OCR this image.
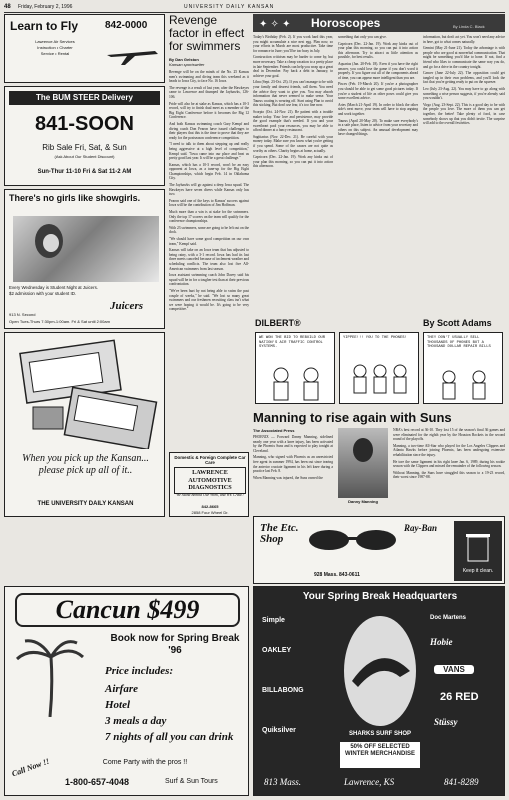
48 Friday, February 2, 1996	UNIVERSITY DAILY KANSAN
Learn to Fly	842-0000
Lawrence Air Services
Instruction • Charter
Service • Rental
The BUM STEER Delivery
841-SOON
Rib Sale Fri, Sat, & Sun
(Ask About Our Student Discount)
Sun-Thur 11-10 Fri & Sat 11-2 AM
There's no girls like showgirls.
Every Wednesday is Student Night at Juicers.
$2 admission with your student ID.
Juicers
913 N. Second
Open Tues-Thurs 7:30pm-1:00am. Fri & Sat until 2:00am
When you pick up the Kansan... please pick up all of it..
THE UNIVERSITY DAILY KANSAN
Revenge factor in effect for swimmers
By Dan Gelston
Kansan sportswriter

Revenge will be on the minds of the No. 25 Kansas men's swimming and diving team this weekend as it heads to Iowa City, to face No. 16 Iowa.

The revenge is a result of last year, after the Hawkeyes came to Lawrence and thumped the Jayhawks, 126-106.

Pride will also be at stake as Kansas, which has a 10-3 record, will try to finish dual meet as a member of the Big Eight Conference before it becomes the Big 12 Conference.

And both Kansas swimming coach Gary Kempf and diving coach Don Fearon have issued challenges to their players that this is the time to prove that they are ready for the postseason conference competition.

"I need to talk to them about stepping up and really being aggressive at a high level of competition," Kempf said. "Iowa came into our place and beat us pretty good last year. It will be a great challenge."

Kansas, which has a 10-3 record, won't be an easy opponent at Iowa, as a tune-up for the Big Eight Championships, which begin Feb. 14 in Oklahoma City.

The Jayhawks will go against a deep Iowa squad. The Hawkeyes have seven divers while Kansas only has two.

Fearon said one of the keys to Kansas' success against Iowa will be the contribution of Jim Hoffman.

Much more than a win is at stake for the swimmers. Only the top 17 scorers on the team will qualify for the conference championships.

With 23 swimmers, some are going to be left out on the dock.

"We should have some good competition on our own team," Kempf said.

Kansas will take on an Iowa team that has adjusted to being rainy, with a 3-1 record. Iowa has had its last three meets canceled because of inclement weather and scheduling conflicts. The team also lost five All-American swimmers from last season.

Iowa assistant swimming coach John Davey said his squad will be in for a tougher test than at their previous confrontation.

"We've been hurt by not being able to swim the past couple of weeks," he said. "We lost so many great swimmers and our freshmen recruiting class isn't what we were hoping it would be. It's going to be very competitive."

Domestic & Foreign Complete Car Care
LAWRENCE AUTOMOTIVE DIAGNOSTICS
"We Stand Behind Our Work, and WE CARE!"
842-8665
2858 Four Wheel Dr.
✦ ✧ ✦ Horoscopes	By Linda C. Black

Today's Birthday (Feb. 2). If you work hard this year, you might accumulate a nice nest egg. Plan now, so your efforts in March are most productive. Take time for romance in June; you'll be too busy in July.

Construction criticism may be harder to come by, but more necessary. Take a cheap vacation to a pretty place in late September. Friends can help you wrap up a great deal in December. Pay back a debt in January, to achieve your goal.

Libra (Sept. 23-Oct. 23). If you can't manage to be with your family and dearest friends, call them. You need the advice they want to give you. You may absorb information that never seemed to make sense. Your Taurus coating is wearing off. Start using Plan to avoid this sticking. But don't use fear, it's too fine now.

Scorpio (Oct. 24-Nov. 21). Be patient with a trouble maker today. Your love and persistence, may provide the good example that's needed. If you and your sweetheart pool your resources, you may be able to afford dinner at a fancy restaurant.

Sagittarius (Nov. 22-Dec. 21). Be careful with your money today. Make sure you know what you're getting if you spend. Some of the causes are not quite as worthy as others. Charity begins at home, actually.

Capricorn (Dec. 22-Jan. 19). Work any kinks out of your plan this morning, so you can put it into action this afternoon.

something that only you can give.

Capricorn (Dec. 22-Jan. 19). Work any kinks out of your plan this morning, so you can put it into action this afternoon. Try to attract as little attention as possible, for best results.

Aquarius (Jan. 20-Feb. 18). Even if you have the right answer, you could lose the game if you don't word it properly. If you figure out all of the components ahead of time, you can appear more intelligent than you are.

Pisces (Feb. 19-March 20). If you're a photographer you should be able to get some good pictures today. If you're a student of life as other poses could give you some excellent advice.

Aries (March 21-April 19). In order to block the other side's next move, your team will have to stop arguing and work together.

Taurus (April 20-May 20). To make sure everybody's in a safe place, listen to advice from your secretary and others on this subject. An unusual development may have changed things.

information, but don't act yet. You won't need any advice in here, got to what comes naturally.

Gemini (May 21-June 21). Today the advantage is with people who are good at nonverbal communication. That might be something you'd like to hone. If not, find a friend who likes to communicate the same way you do, and go for a drive in the country tonight.

Cancer (June 22-July 22). The opposition could get tangled up in their own problems, and you'll look the fact that you're getting ready to put on the squeeze.

Leo (July 23-Aug. 22). You may have to go along with something a wise person suggests, if you're already said you wouldn't.

Virgo (Aug. 23-Sept. 22). This is a good day to be with the people you love. The more of them you can get together, the better! Take plenty of food, in case somebody shows up that you didn't invite. The surprise will add to the overall festivities.

DILBERT®	By Scott Adams
WE WON THE BID TO REBUILD OUR NATION'S AIR TRAFFIC CONTROL SYSTEMS.
YIPPEE!!! YOU TO THE PHONES!	THEY DON'T USUALLY SELL THOUSANDS OF PHONES BUT A THOUSAND DOLLAR REPAIR BILLS
Manning to rise again with Suns
The Associated Press

PHOENIX — Forward Danny Manning, sidelined nearly one year with a knee injury, has been activated by the Phoenix Suns and is expected to play tonight at Cleveland.

Manning, who signed with Phoenix as an unrestricted free agent in summer 1994, has been out since tearing the anterior cruciate ligament in his left knee during a practice last Feb. 8.

When Manning was injured, the Suns owned the

Danny Manning

NBA's best record at 36-10. They lost 15 of the season's final 36 games and were eliminated for the eighth year by the Houston Rockets in the second round of the playoffs.

Manning, a two-time All-Star who played for the Los Angeles Clippers and Atlanta Hawks before joining Phoenix, has been undergoing extensive rehabilitation since the injury.

He tore the same ligament in his right knee Jan. 6, 1989, during his rookie season with the Clippers and missed the remainder of the following season.

Without Manning, the Suns have struggled this season to a 19-23 record, their worst since 1987-88.

The Etc. Shop
Ray-Ban
928 Mass. 843-0611
Keep it clean.
Cancun $499
Book now for Spring Break '96
Price includes:
Airfare
Hotel
3 meals a day
7 nights of all you can drink
Come Party with the pros !!
Call Now !!
1-800-657-4048	Surf & Sun Tours
Your Spring Break Headquarters
Simple
OAKLEY
BILLABONG
Quiksilver	SHARKS SURF SHOP
Doc Martens
Hobie
VANS
26 RED
Stüssy
50% OFF SELECTED WINTER MERCHANDISE
813 Mass.	Lawrence, KS	841-8289
